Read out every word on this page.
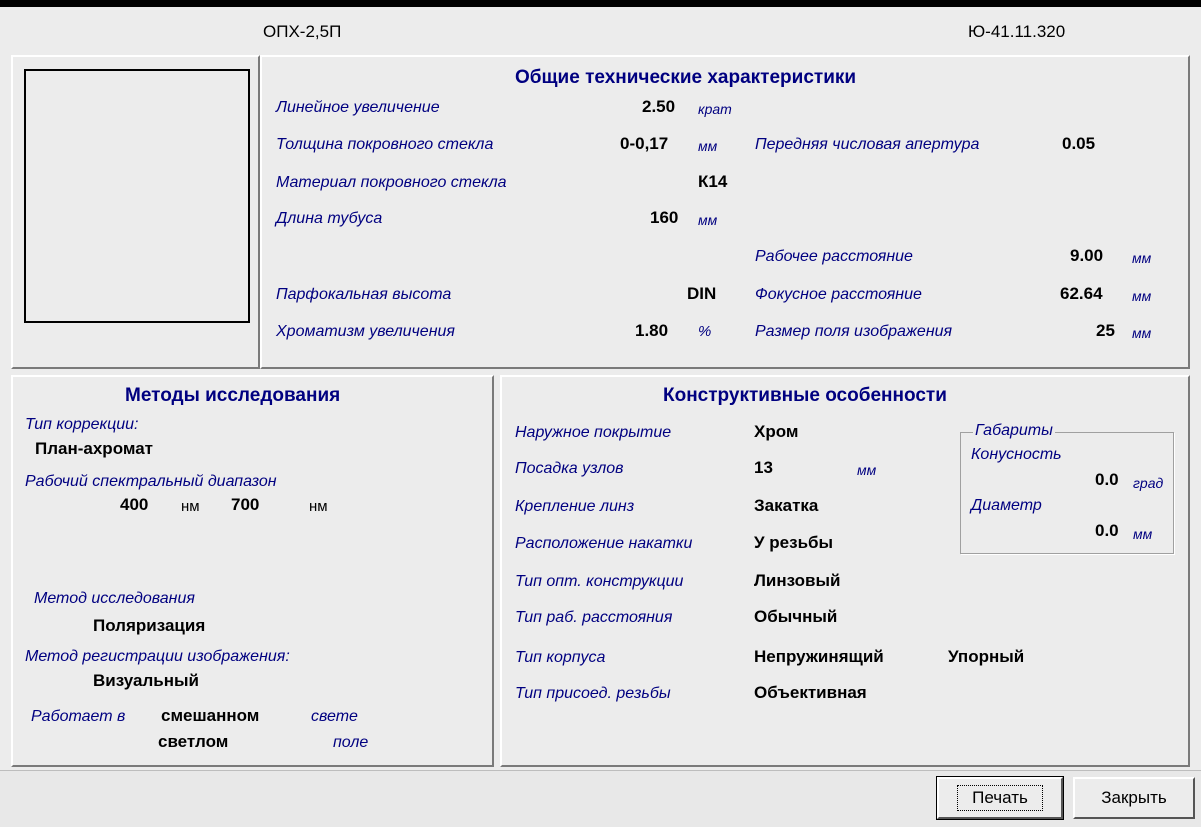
ОПХ-2,5П	Ю-41.11.320
Общие технические характеристики
Линейное увеличение	2.50 крат
Толщина покровного стекла	0-0,17 мм Передняя числовая апертура	0.05
Материал покровного стекла	К14
Длина тубуса	160 мм
Рабочее расстояние	9.00 мм
Парфокальная высота	DIN Фокусное расстояние	62.64 мм
Хроматизм увеличения	1.80 %	Размер поля изображения	25 мм
Методы исследования
Тип коррекции:
План-ахромат
Рабочий спектральный диапазон
400 нм 700	нм
Метод исследования
Поляризация
Метод регистрации изображения:
Визуальный
Работает в смешанном	свете
светлом	поле
Конструктивные особенности
Наружное покрытие	Хром
Посадка узлов	13	мм
Крепление линз	Закатка
Расположение накатки	У резьбы
Тип опт. конструкции	Линзовый
Тип раб. расстояния	Обычный
Тип корпуса	Непружинящий	Упорный
Тип присоед. резьбы	Объективная
Габариты
Конусность
0.0 град
Диаметр
0.0 мм
Печать	Закрыть
